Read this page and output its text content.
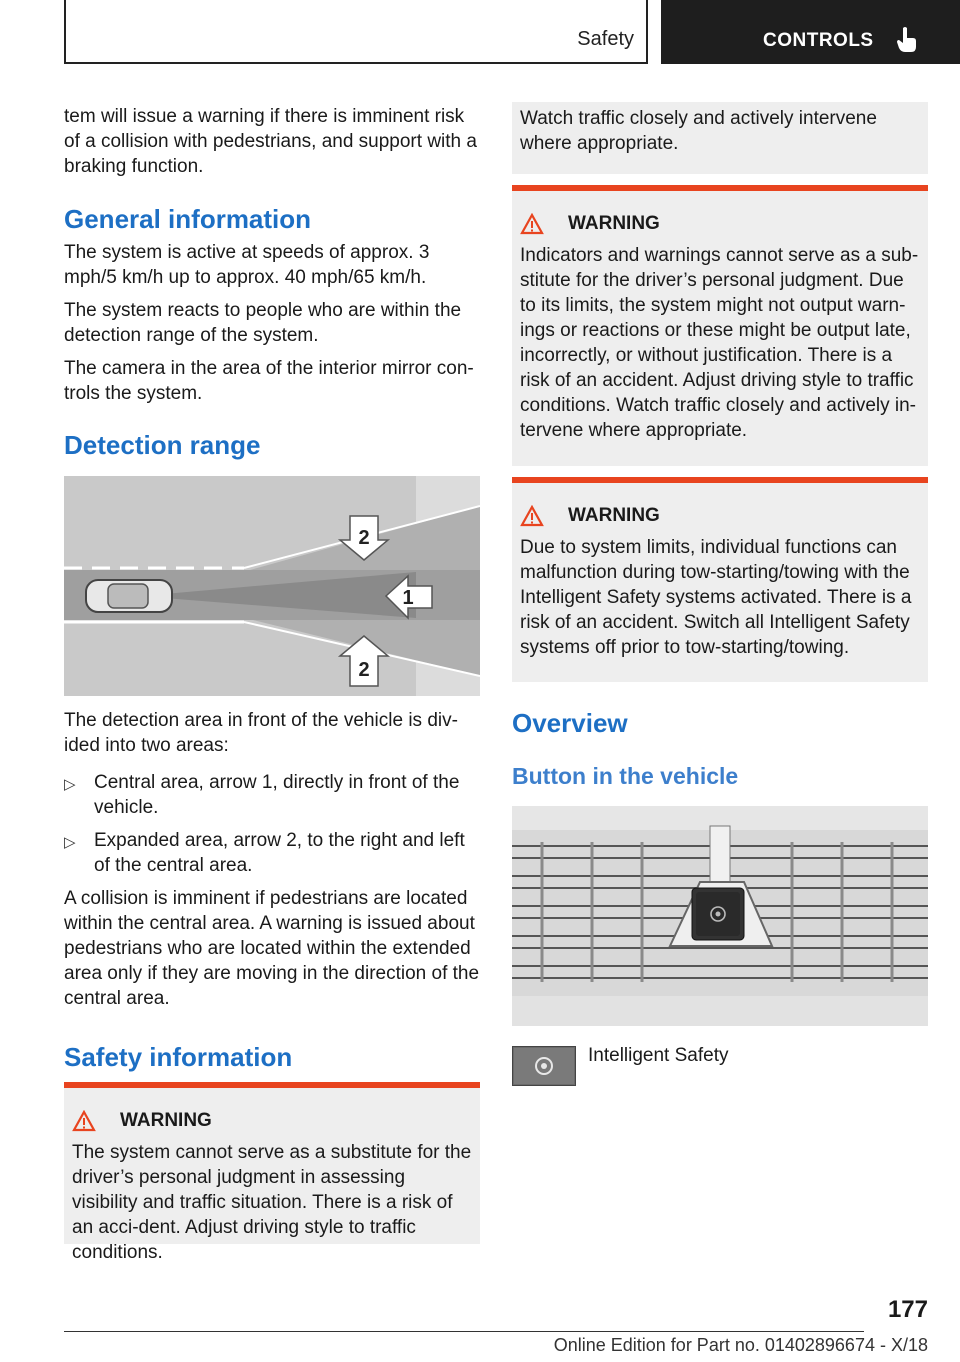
Safety	CONTROLS

tem will issue a warning if there is imminent risk of a collision with pedestrians, and support with a braking function.

General information

The system is active at speeds of approx. 3 mph/5 km/h up to approx. 40 mph/65 km/h.

The system reacts to people who are within the detection range of the system.

The camera in the area of the interior mirror con-trols the system.

Detection range
2
1
2

The detection area in front of the vehicle is div-ided into two areas:

▷ Central area, arrow 1, directly in front of the vehicle.
▷ Expanded area, arrow 2, to the right and left of the central area.

A collision is imminent if pedestrians are located within the central area. A warning is issued about pedestrians who are located within the extended area only if they are moving in the direction of the central area.

Safety information
WARNING

The system cannot serve as a substitute for the driver’s personal judgment in assessing visibility and traffic situation. There is a risk of an acci-dent. Adjust driving style to traffic conditions.

Watch traffic closely and actively intervene where appropriate.

WARNING

Indicators and warnings cannot serve as a sub-stitute for the driver’s personal judgment. Due to its limits, the system might not output warn-ings or reactions or these might be output late, incorrectly, or without justification. There is a risk of an accident. Adjust driving style to traffic conditions. Watch traffic closely and actively in-tervene where appropriate.

WARNING

Due to system limits, individual functions can malfunction during tow-starting/towing with the Intelligent Safety systems activated. There is a risk of an accident. Switch all Intelligent Safety systems off prior to tow-starting/towing.

Overview
Button in the vehicle

Intelligent Safety

177
Online Edition for Part no. 01402896674 - X/18
